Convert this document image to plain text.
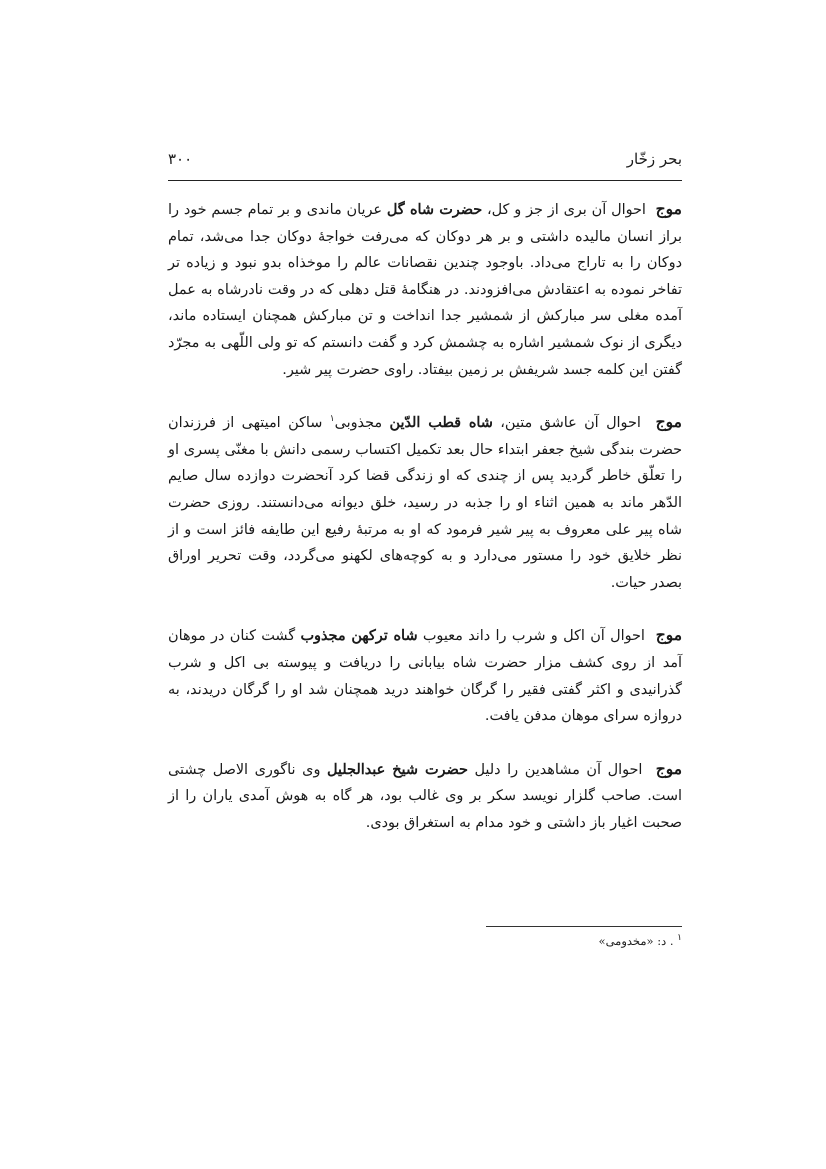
بحر زخّار
۳۰۰

موج  احوال آن بری از جز و کل، حضرت شاه گل عریان ماندی و بر تمام جسم خود را براز انسان مالیده داشتی و بر هر دوکان که می‌رفت خواجهٔ دوکان جدا می‌شد، تمام دوکان را به تاراج می‌داد. باوجود چندین نقصانات عالم را موخذاه بدو نبود و زیاده تر تفاخر نموده به اعتقادش می‌افزودند. در هنگامهٔ قتل دهلی که در وقت نادرشاه به عمل آمده مغلی سر مبارکش از شمشیر جدا انداخت و تن مبارکش همچنان ایستاده ماند، دیگری از نوک شمشیر اشاره به چشمش کرد و گفت دانستم که تو ولی اللّهی به مجرّد گفتن این کلمه جسد شریفش بر زمین بیفتاد. راوی حضرت پیر شیر.

موج  احوال آن عاشق متین، شاه قطب الدّین مجذوبی$^۱$ ساکن امیتهی از فرزندان حضرت بندگی شیخ جعفر ابتداء حال بعد تکمیل اکتساب رسمی دانش با مغنّی پسری او را تعلّق خاطر گردید پس از چندی که او زندگی قضا کرد آنحضرت دوازده سال صایم الدّهر ماند به همین اثناء او را جذبه در رسید، خلق دیوانه می‌دانستند. روزی حضرت شاه پیر علی معروف به پیر شیر فرمود که او به مرتبهٔ رفیع این طایفه فائز است و از نظر خلایق خود را مستور می‌دارد و به کوچه‌های لکهنو می‌گردد، وقت تحریر اوراق بصدر حیات.

موج  احوال آن اکل و شرب را داند معیوب شاه ترکهن مجذوب گشت کنان در موهان آمد از روی کشف مزار حضرت شاه بیابانی را دریافت و پیوسته بی اکل و شرب گذرانیدی و اکثر گفتی فقیر را گرگان خواهند درید همچنان شد او را گرگان دریدند، به دروازه سرای موهان مدفن یافت.

موج  احوال آن مشاهدین را دلیل حضرت شیخ عبدالجلیل وی ناگوری الاصل چشتی است. صاحب گلزار نویسد سکر بر وی غالب بود، هر گاه به هوش آمدی یاران را از صحبت اغیار باز داشتی و خود مدام به استغراق بودی.

$^۱$ . د: «مخدومی»
